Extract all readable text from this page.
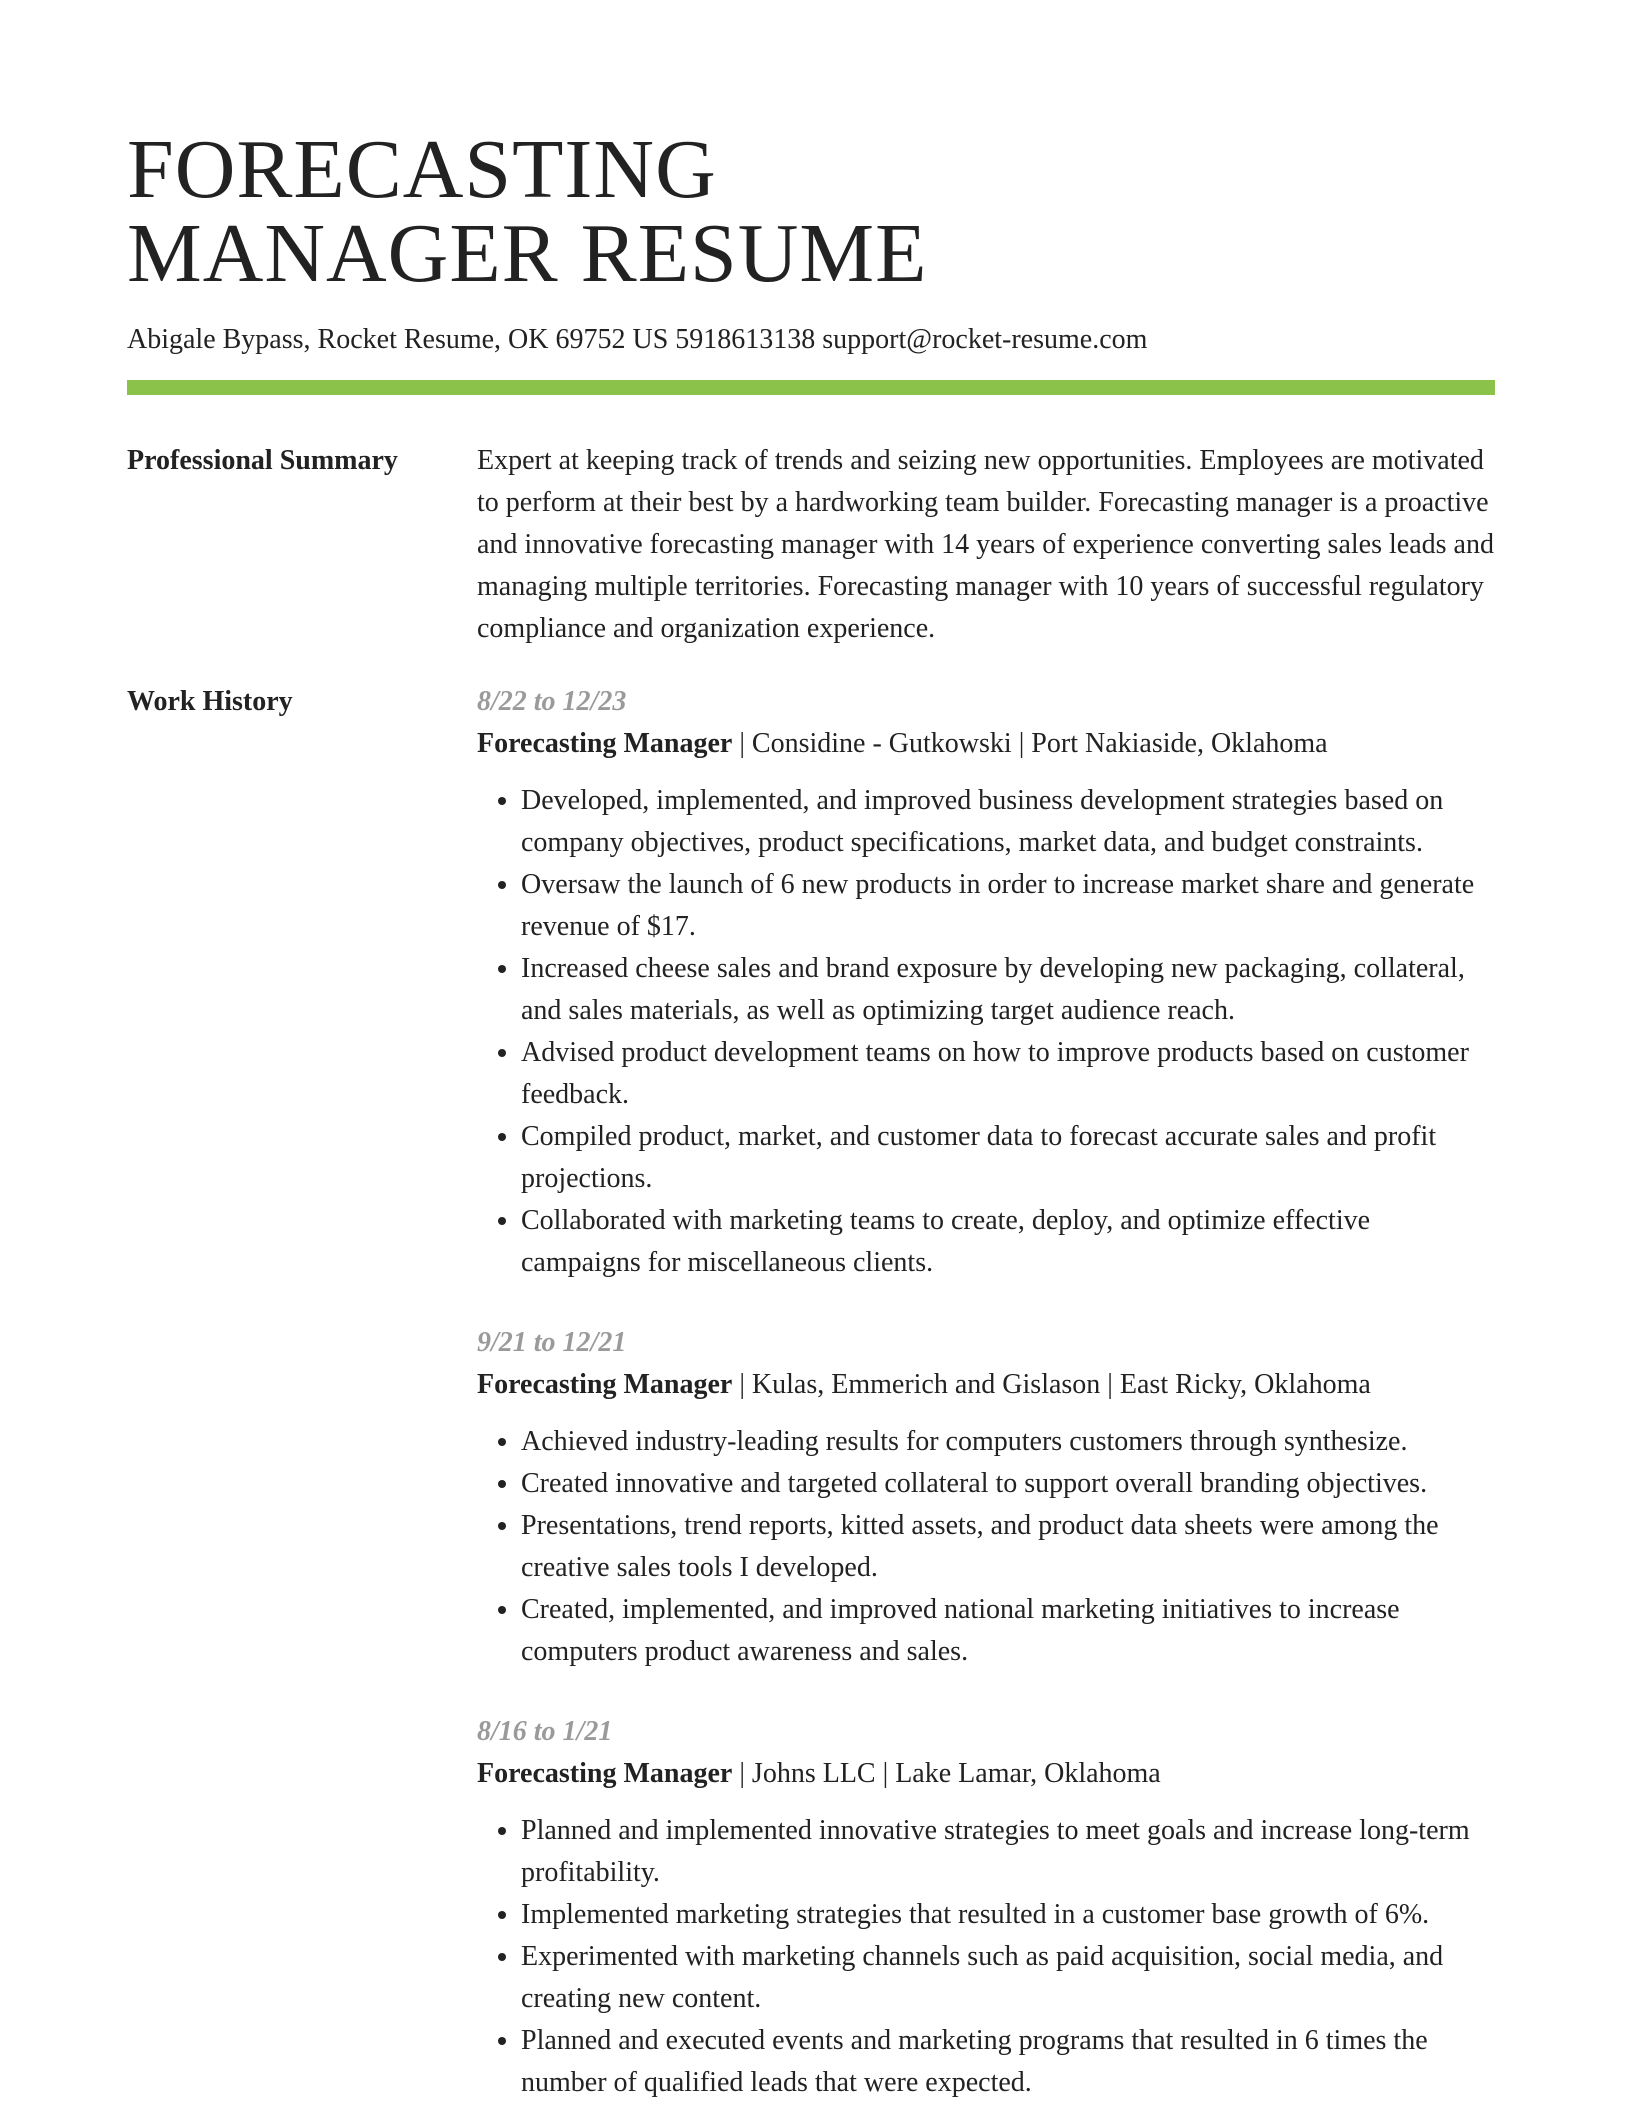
FORECASTING
MANAGER RESUME
Abigale Bypass, Rocket Resume, OK 69752 US 5918613138 support@rocket-resume.com
Professional Summary	Expert at keeping track of trends and seizing new opportunities. Employees are motivated to perform at their best by a hardworking team builder. Forecasting manager is a proactive and innovative forecasting manager with 14 years of experience converting sales leads and managing multiple territories. Forecasting manager with 10 years of successful regulatory compliance and organization experience.

Work History	8/22 to 12/23
Forecasting Manager | Considine - Gutkowski | Port Nakiaside, Oklahoma
• Developed, implemented, and improved business development strategies based on company objectives, product specifications, market data, and budget constraints.
• Oversaw the launch of 6 new products in order to increase market share and generate revenue of $17.
• Increased cheese sales and brand exposure by developing new packaging, collateral, and sales materials, as well as optimizing target audience reach.
• Advised product development teams on how to improve products based on customer feedback.
• Compiled product, market, and customer data to forecast accurate sales and profit projections.
• Collaborated with marketing teams to create, deploy, and optimize effective campaigns for miscellaneous clients.
9/21 to 12/21
Forecasting Manager | Kulas, Emmerich and Gislason | East Ricky, Oklahoma
• Achieved industry-leading results for computers customers through synthesize.
• Created innovative and targeted collateral to support overall branding objectives.
• Presentations, trend reports, kitted assets, and product data sheets were among the creative sales tools I developed.
• Created, implemented, and improved national marketing initiatives to increase computers product awareness and sales.
8/16 to 1/21
Forecasting Manager | Johns LLC | Lake Lamar, Oklahoma
• Planned and implemented innovative strategies to meet goals and increase long-term profitability.
• Implemented marketing strategies that resulted in a customer base growth of 6%.
• Experimented with marketing channels such as paid acquisition, social media, and creating new content.
• Planned and executed events and marketing programs that resulted in 6 times the number of qualified leads that were expected.
